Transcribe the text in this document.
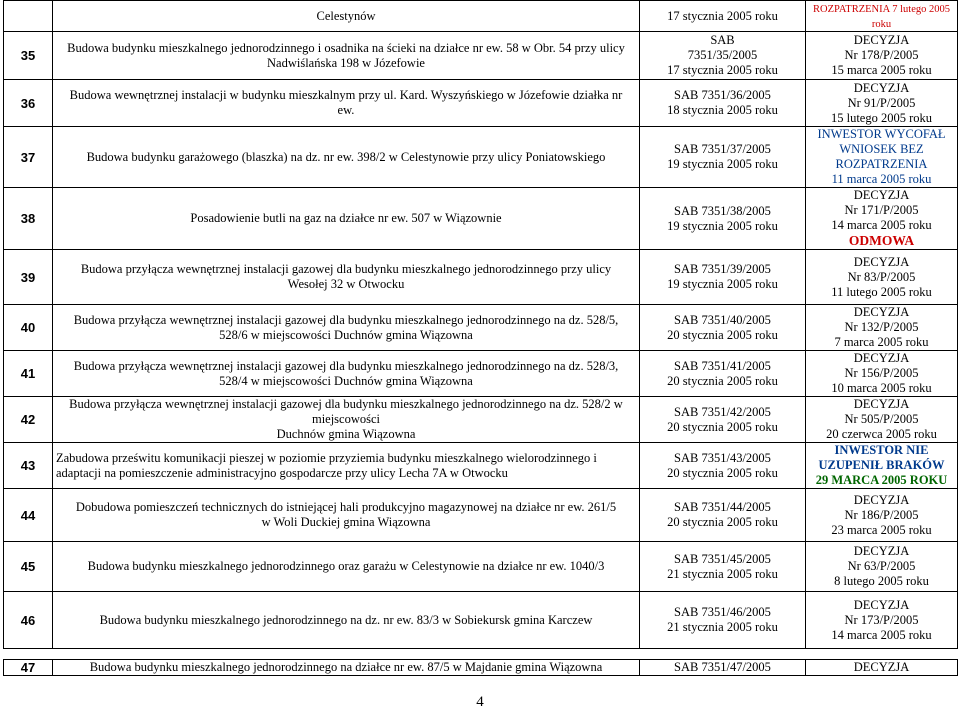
	Celestynów	17 stycznia 2005 roku	ROZPATRZENIA 7 lutego 2005 roku
35	Budowa budynku mieszkalnego jednorodzinnego i osadnika na ścieki na działce nr ew. 58 w Obr. 54 przy ulicy
Nadwiślańska 198 w Józefowie	SAB
7351/35/2005
17 stycznia 2005 roku	DECYZJA
Nr 178/P/2005
15 marca 2005 roku

36	Budowa wewnętrznej instalacji w budynku mieszkalnym przy ul. Kard. Wyszyńskiego w Józefowie działka nr
ew.	SAB 7351/36/2005
18 stycznia 2005 roku	DECYZJA
Nr 91/P/2005
15 lutego 2005 roku

37	Budowa budynku garażowego (blaszka) na dz. nr ew. 398/2 w Celestynowie przy ulicy Poniatowskiego	SAB 7351/37/2005
19 stycznia 2005 roku	INWESTOR WYCOFAŁ
WNIOSEK BEZ
ROZPATRZENIA
11 marca 2005 roku

38	Posadowienie butli na gaz na działce nr ew. 507 w Wiązownie	SAB 7351/38/2005
19 stycznia 2005 roku	DECYZJA
Nr 171/P/2005
14 marca 2005 roku
ODMOWA

39	Budowa przyłącza wewnętrznej instalacji gazowej dla budynku mieszkalnego jednorodzinnego przy ulicy
Wesołej 32 w Otwocku	SAB 7351/39/2005
19 stycznia 2005 roku	DECYZJA
Nr 83/P/2005
11 lutego 2005 roku

40	Budowa przyłącza wewnętrznej instalacji gazowej dla budynku mieszkalnego jednorodzinnego na dz. 528/5,
528/6 w miejscowości Duchnów gmina Wiązowna	SAB 7351/40/2005
20 stycznia 2005 roku	DECYZJA
Nr 132/P/2005
7 marca 2005 roku

41	Budowa przyłącza wewnętrznej instalacji gazowej dla budynku mieszkalnego jednorodzinnego na dz. 528/3,
528/4 w miejscowości Duchnów gmina Wiązowna	SAB 7351/41/2005
20 stycznia 2005 roku	DECYZJA
Nr 156/P/2005
10 marca 2005 roku

42	Budowa przyłącza wewnętrznej instalacji gazowej dla budynku mieszkalnego jednorodzinnego na dz. 528/2 w miejscowości
Duchnów gmina Wiązowna	SAB 7351/42/2005
20 stycznia 2005 roku	DECYZJA
Nr 505/P/2005
20 czerwca 2005 roku

43	Zabudowa prześwitu komunikacji pieszej w poziomie przyziemia budynku mieszkalnego wielorodzinnego i
adaptacji na pomieszczenie administracyjno gospodarcze przy ulicy Lecha 7A w Otwocku	SAB 7351/43/2005
20 stycznia 2005 roku	INWESTOR NIE
UZUPENIŁ BRAKÓW
29 MARCA 2005 ROKU

44	Dobudowa pomieszczeń technicznych do istniejącej hali produkcyjno magazynowej na działce nr ew. 261/5
w Woli Duckiej gmina Wiązowna	SAB 7351/44/2005
20 stycznia 2005 roku	DECYZJA
Nr 186/P/2005
23 marca 2005 roku

45	Budowa budynku mieszkalnego jednorodzinnego oraz garażu w Celestynowie na działce nr ew. 1040/3	SAB 7351/45/2005
21 stycznia 2005 roku	DECYZJA
Nr 63/P/2005
8 lutego 2005 roku

46	Budowa budynku mieszkalnego jednorodzinnego na dz. nr ew. 83/3 w Sobiekursk gmina Karczew	SAB 7351/46/2005
21 stycznia 2005 roku	DECYZJA
Nr 173/P/2005
14 marca 2005 roku

47	Budowa budynku mieszkalnego jednorodzinnego na działce nr ew. 87/5 w Majdanie gmina Wiązowna	SAB 7351/47/2005	DECYZJA
4
